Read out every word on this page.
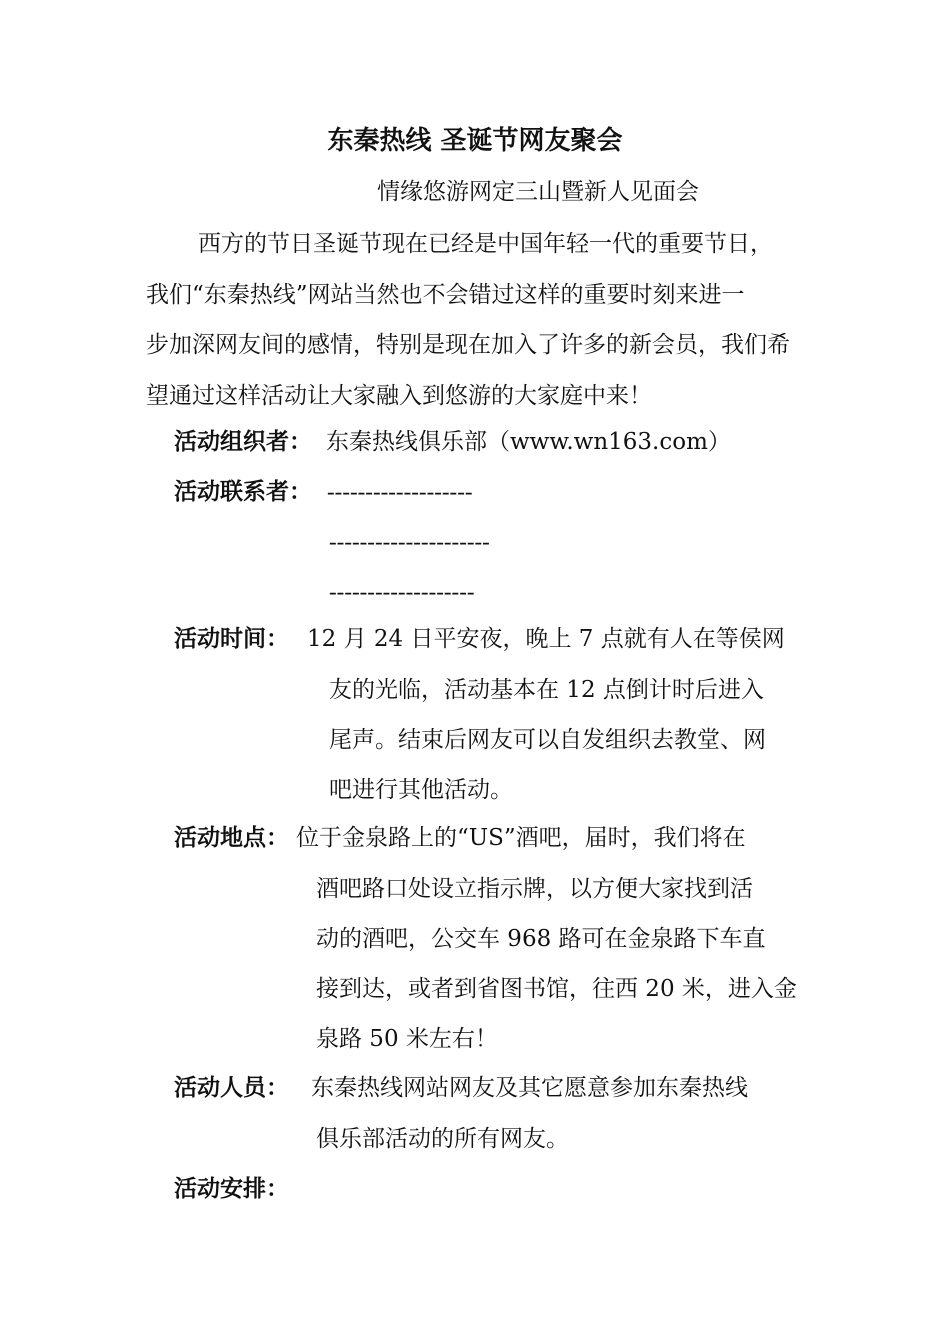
东秦热线 圣诞节网友聚会
情缘悠游网定三山暨新人见面会
西方的节日圣诞节现在已经是中国年轻一代的重要节日，
我们“东秦热线”网站当然也不会错过这样的重要时刻来进一
步加深网友间的感情，特别是现在加入了许多的新会员，我们希
望通过这样活动让大家融入到悠游的大家庭中来！
活动组织者： 东秦热线俱乐部（www.wn163.com）
活动联系者： -------------------
---------------------
-------------------
活动时间： 12 月 24 日平安夜，晚上 7 点就有人在等侯网
友的光临，活动基本在 12 点倒计时后进入
尾声。结束后网友可以自发组织去教堂、网
吧进行其他活动。
活动地点： 位于金泉路上的“US”酒吧，届时，我们将在
酒吧路口处设立指示牌，以方便大家找到活
动的酒吧，公交车 968 路可在金泉路下车直
接到达，或者到省图书馆，往西 20 米，进入金
泉路 50 米左右！
活动人员： 东秦热线网站网友及其它愿意参加东秦热线
俱乐部活动的所有网友。
活动安排：
